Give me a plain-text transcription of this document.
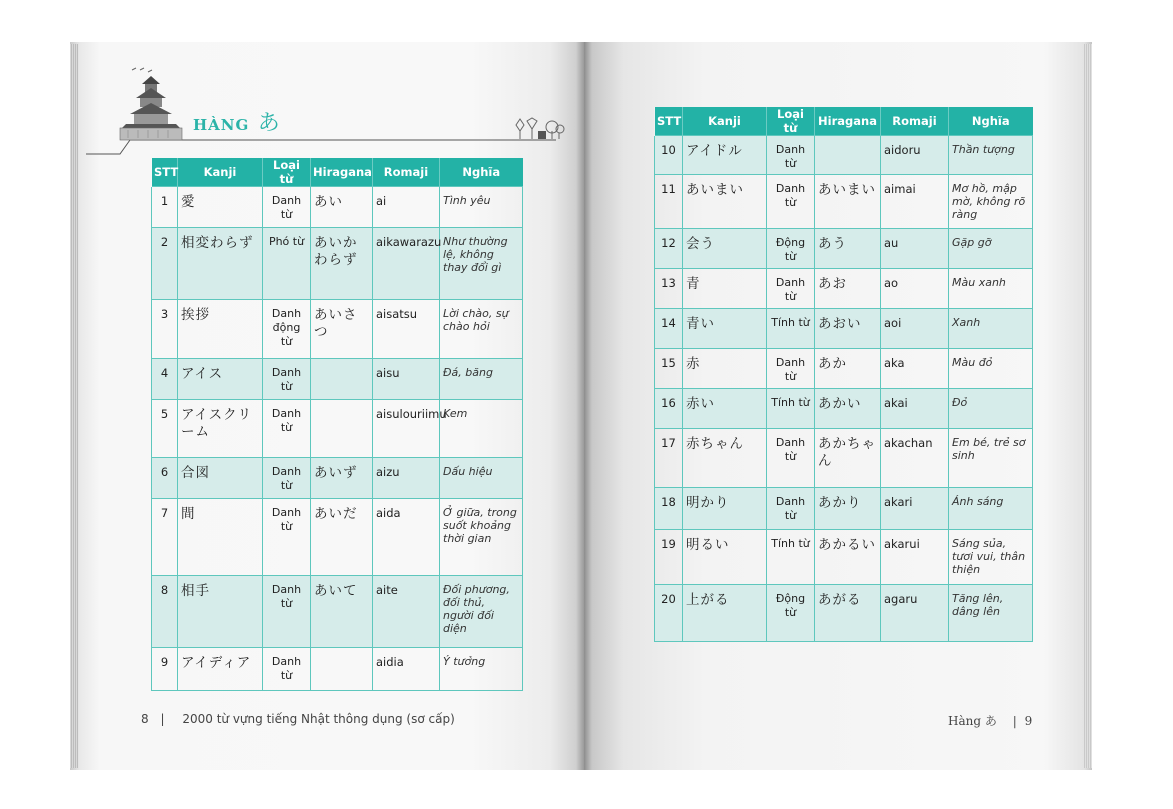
HÀNG あ
STT	Kanji	Loại từ	Hiragana	Romaji	Nghĩa
1	愛	Danh từ	あい	ai	Tình yêu
2	相変わらず	Phó từ	あいかわらず	aikawarazu	Như thường lệ, không thay đổi gì
3	挨拶	Danh động từ	あいさつ	aisatsu	Lời chào, sự chào hỏi
4	アイス	Danh từ		aisu	Đá, băng
5	アイスクリーム	Danh từ		aisulouriimu	Kem
6	合図	Danh từ	あいず	aizu	Dấu hiệu
7	間	Danh từ	あいだ	aida	Ở giữa, trong suốt khoảng thời gian
8	相手	Danh từ	あいて	aite	Đối phương, đối thủ, người đối diện
9	アイディア	Danh từ		aidia	Ý tưởng
STT	Kanji	Loại từ	Hiragana	Romaji	Nghĩa
10	アイドル	Danh từ		aidoru	Thần tượng
11	あいまい	Danh từ	あいまい	aimai	Mơ hồ, mập mờ, không rõ ràng
12	会う	Động từ	あう	au	Gặp gỡ
13	青	Danh từ	あお	ao	Màu xanh
14	青い	Tính từ	あおい	aoi	Xanh
15	赤	Danh từ	あか	aka	Màu đỏ
16	赤い	Tính từ	あかい	akai	Đỏ
17	赤ちゃん	Danh từ	あかちゃん	akachan	Em bé, trẻ sơ sinh
18	明かり	Danh từ	あかり	akari	Ánh sáng
19	明るい	Tính từ	あかるい	akarui	Sáng sủa, tươi vui, thân thiện
20	上がる	Động từ	あがる	agaru	Tăng lên, dâng lên
8 | 2000 từ vựng tiếng Nhật thông dụng (sơ cấp)	Hàng あ | 9
